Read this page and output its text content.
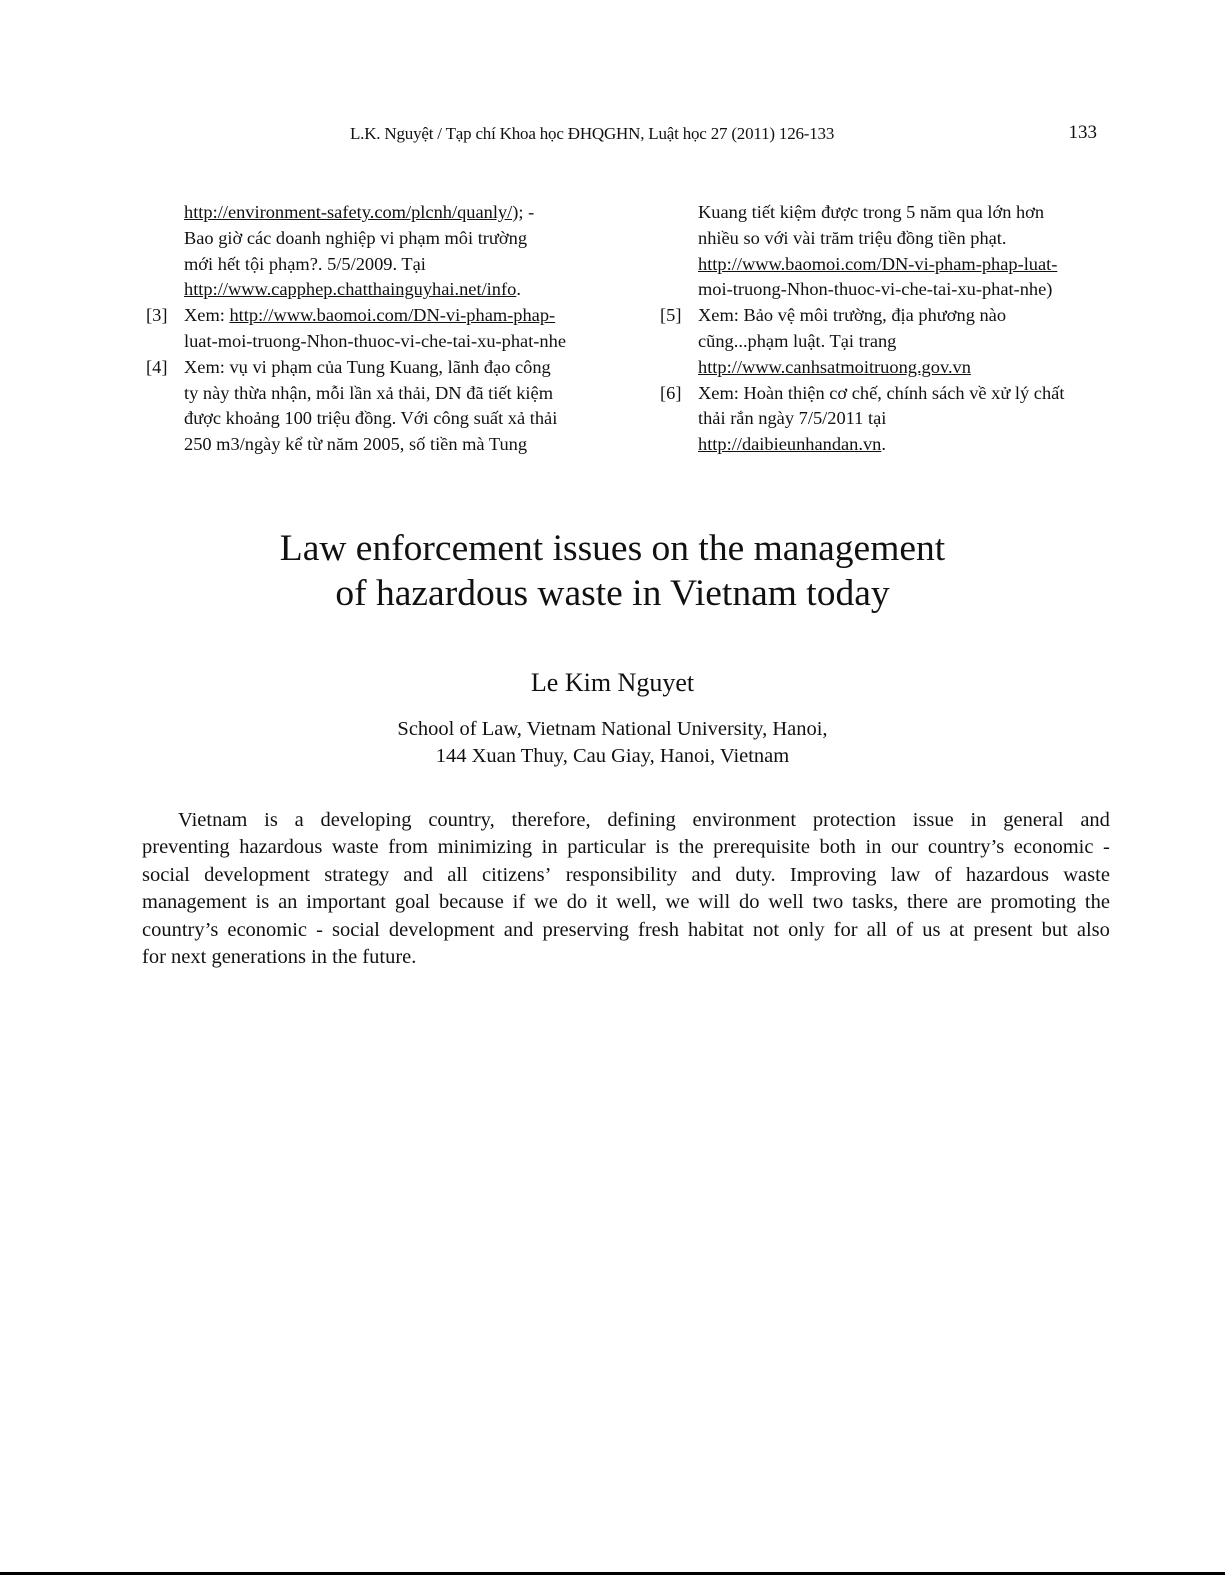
L.K. Nguyệt / Tạp chí Khoa học ĐHQGHN, Luật học 27 (2011) 126-133	133
http://environment-safety.com/plcnh/quanly/); -
Bao giờ các doanh nghiệp vi phạm môi trường
mới hết tội phạm?. 5/5/2009. Tại
http://www.capphep.chatthainguyhai.net/info.
[3] Xem: http://www.baomoi.com/DN-vi-pham-phap-
luat-moi-truong-Nhon-thuoc-vi-che-tai-xu-phat-nhe
[4] Xem: vụ vi phạm của Tung Kuang, lãnh đạo công
ty này thừa nhận, mỗi lần xả thải, DN đã tiết kiệm
được khoảng 100 triệu đồng. Với công suất xả thải
250 m3/ngày kể từ năm 2005, số tiền mà Tung
Kuang tiết kiệm được trong 5 năm qua lớn hơn
nhiều so với vài trăm triệu đồng tiền phạt.
http://www.baomoi.com/DN-vi-pham-phap-luat-
moi-truong-Nhon-thuoc-vi-che-tai-xu-phat-nhe)
[5] Xem: Bảo vệ môi trường, địa phương nào
cũng...phạm luật. Tại trang
http://www.canhsatmoitruong.gov.vn
[6] Xem: Hoàn thiện cơ chế, chính sách về xử lý chất
thải rắn ngày 7/5/2011 tại
http://daibieunhandan.vn.
Law enforcement issues on the management
of hazardous waste in Vietnam today
Le Kim Nguyet
School of Law, Vietnam National University, Hanoi,
144 Xuan Thuy, Cau Giay, Hanoi, Vietnam
Vietnam is a developing country, therefore, defining environment protection issue in general and
preventing hazardous waste from minimizing in particular is the prerequisite both in our country’s economic -
social development strategy and all citizens’ responsibility and duty. Improving law of hazardous waste
management is an important goal because if we do it well, we will do well two tasks, there are promoting the
country’s economic - social development and preserving fresh habitat not only for all of us at present but also
for next generations in the future.
